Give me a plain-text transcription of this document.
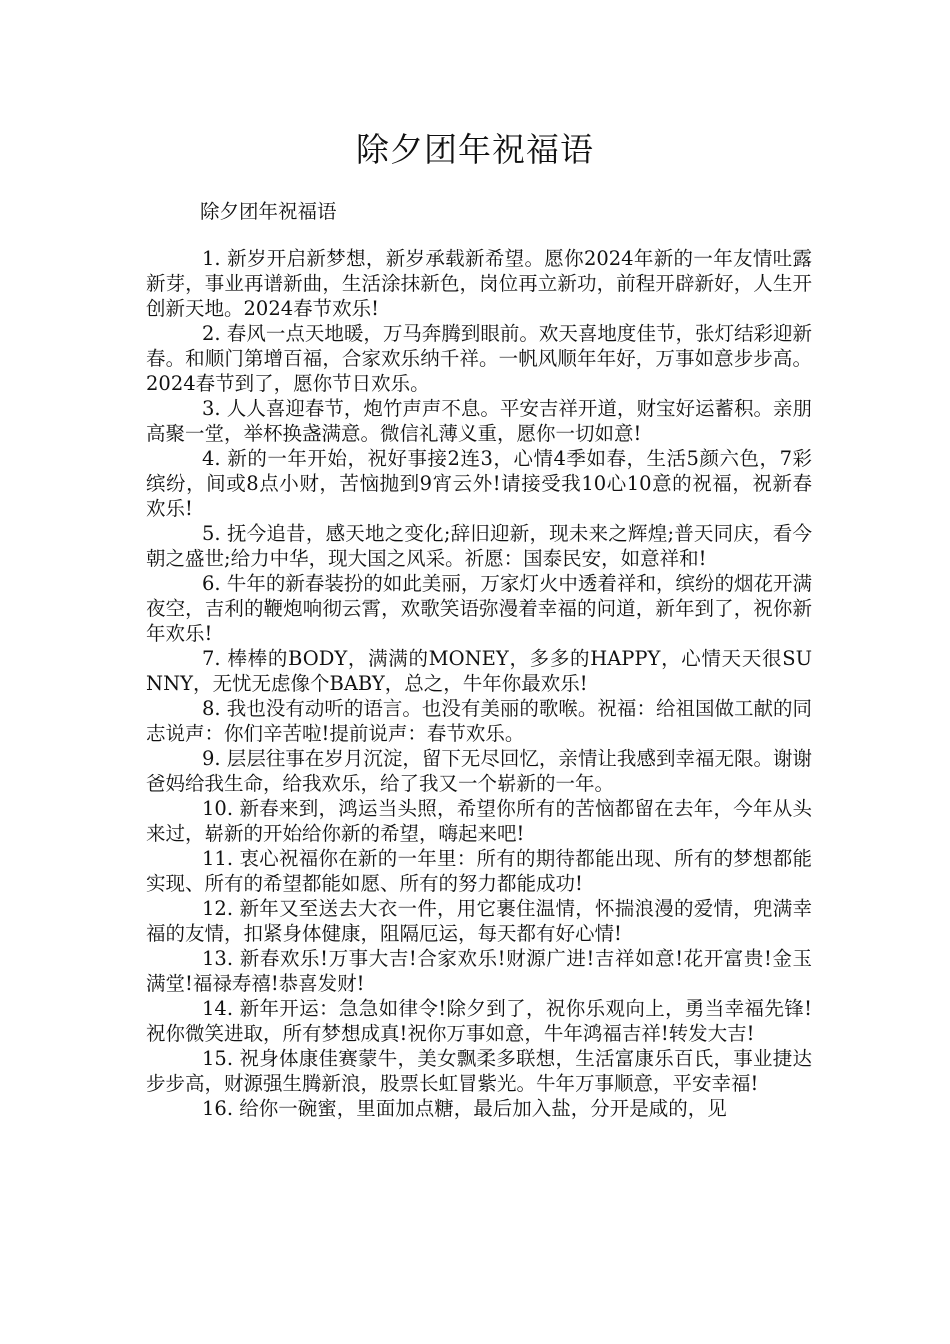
除夕团年祝福语
除夕团年祝福语

1. 新岁开启新梦想，新岁承载新希望。愿你2024年新的一年友情吐露新芽，事业再谱新曲，生活涂抹新色，岗位再立新功，前程开辟新好，人生开创新天地。2024春节欢乐!

2. 春风一点天地暖，万马奔腾到眼前。欢天喜地度佳节，张灯结彩迎新春。和顺门第增百福，合家欢乐纳千祥。一帆风顺年年好，万事如意步步高。2024春节到了，愿你节日欢乐。

3. 人人喜迎春节，炮竹声声不息。平安吉祥开道，财宝好运蓄积。亲朋高聚一堂，举杯换盏满意。微信礼薄义重，愿你一切如意!

4. 新的一年开始，祝好事接2连3，心情4季如春，生活5颜六色，7彩缤纷，间或8点小财，苦恼抛到9宵云外!请接受我10心10意的祝福，祝新春欢乐!

5. 抚今追昔，感天地之变化;辞旧迎新，现未来之辉煌;普天同庆，看今朝之盛世;给力中华，现大国之风采。祈愿：国泰民安，如意祥和!

6. 牛年的新春装扮的如此美丽，万家灯火中透着祥和，缤纷的烟花开满夜空，吉利的鞭炮响彻云霄，欢歌笑语弥漫着幸福的问道，新年到了，祝你新年欢乐!

7. 棒棒的BODY，满满的MONEY，多多的HAPPY，心情天天很SUNNY，无忧无虑像个BABY，总之，牛年你最欢乐!

8. 我也没有动听的语言。也没有美丽的歌喉。祝福：给祖国做工献的同志说声：你们辛苦啦!提前说声：春节欢乐。

9. 层层往事在岁月沉淀，留下无尽回忆，亲情让我感到幸福无限。谢谢爸妈给我生命，给我欢乐，给了我又一个崭新的一年。

10. 新春来到，鸿运当头照，希望你所有的苦恼都留在去年，今年从头来过，崭新的开始给你新的希望，嗨起来吧!

11. 衷心祝福你在新的一年里：所有的期待都能出现、所有的梦想都能实现、所有的希望都能如愿、所有的努力都能成功!

12. 新年又至送去大衣一件，用它裹住温情，怀揣浪漫的爱情，兜满幸福的友情，扣紧身体健康，阻隔厄运，每天都有好心情!

13. 新春欢乐!万事大吉!合家欢乐!财源广进!吉祥如意!花开富贵!金玉满堂!福禄寿禧!恭喜发财!

14. 新年开运：急急如律令!除夕到了，祝你乐观向上，勇当幸福先锋!祝你微笑进取，所有梦想成真!祝你万事如意，牛年鸿福吉祥!转发大吉!

15. 祝身体康佳赛蒙牛，美女飘柔多联想，生活富康乐百氏，事业捷达步步高，财源强生腾新浪，股票长虹冒紫光。牛年万事顺意，平安幸福!

16. 给你一碗蜜，里面加点糖，最后加入盐，分开是咸的，见
